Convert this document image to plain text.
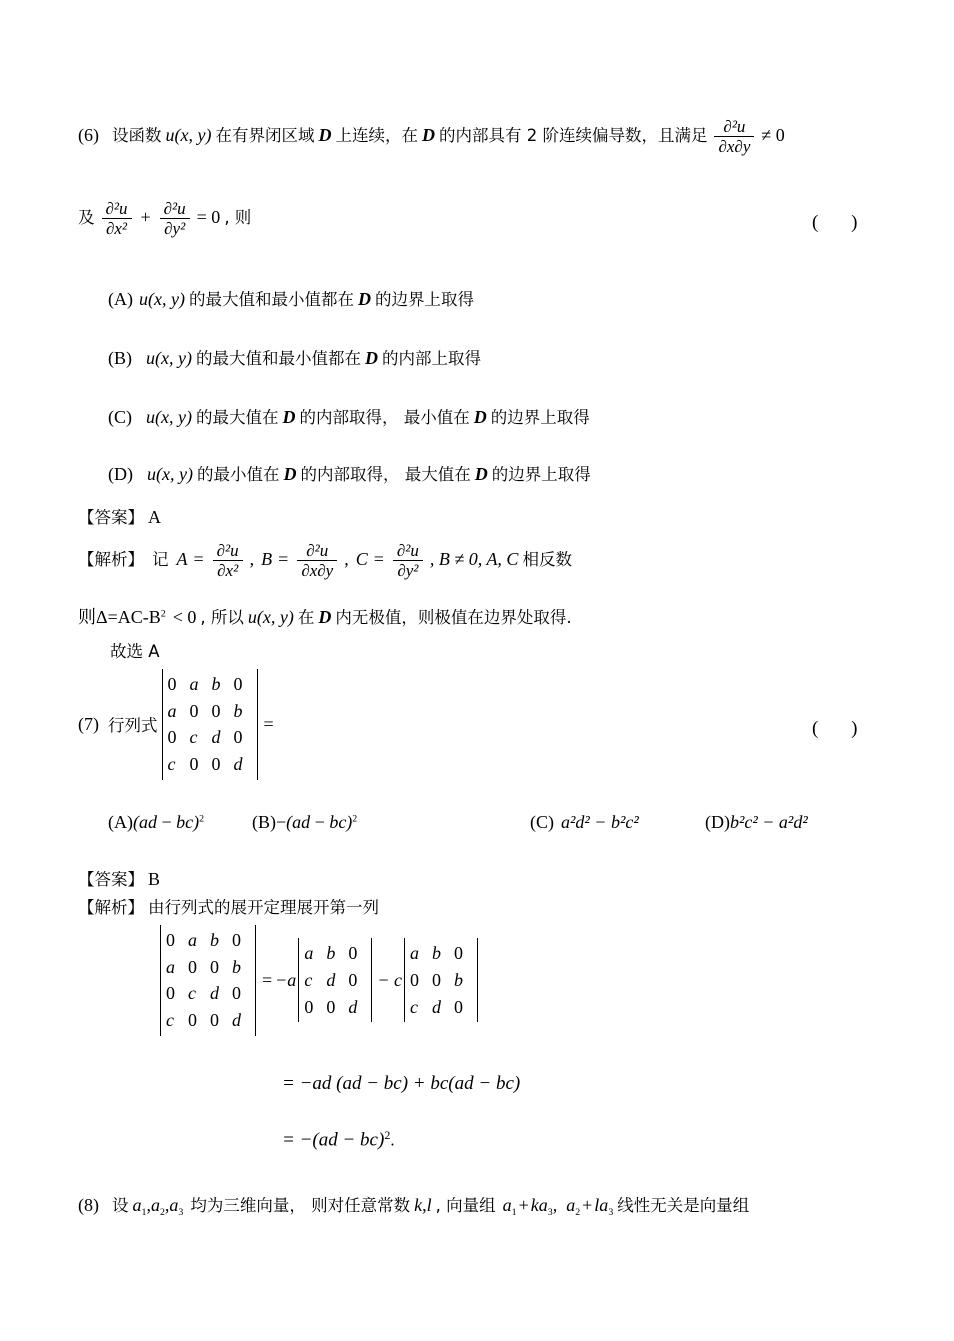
(6) 设函数 u(x, y) 在有界闭区域 D 上连续，在 D 的内部具有 2 阶连续偏导数，且满足 $\frac{\text{∂²u}}{\partial x\partial y} \ne 0$
及 $\frac{\text{∂²u}}{\text{∂x²}} + \frac{\text{∂²u}}{\text{∂y²}} = 0$ , 则	( )
(A) u(x, y) 的最大值和最小值都在 D 的边界上取得
(B) u(x, y) 的最大值和最小值都在 D 的内部上取得
(C) u(x, y) 的最大值在 D 的内部取得， 最小值在 D 的边界上取得
(D) u(x, y) 的最小值在 D 的内部取得， 最大值在 D 的边界上取得
【答案】 A
【解析】 记 $A = \frac{\text{∂²u}}{\text{∂x²}}$ , $B = \frac{\text{∂²u}}{\partial x\partial y}$ , $C = \frac{\text{∂²u}}{\text{∂y²}}$ , B ≠ 0, A, C 相反数
则$\Delta=AC-B^2 < 0$ , 所以 u(x, y) 在 D 内无极值，则极值在边界处取得.
故选 A
(7) 行列式
0	a	b	0
a	0	0	b
0	c	d	0
c	0	0	d
=	( )
(A)(ad − bc)$^2$	(B)−(ad − bc)$^2$	(C) a²d² − b²c²	(D)b²c² − a²d²
【答案】 B
【解析】 由行列式的展开定理展开第一列
0	a	b	0
a	0	0	b
0	c	d	0
c	0	0	d
= −a
a	b	0
c	d	0
0	0	d
− c
a	b	0
0	0	b
c	d	0
= −ad (ad − bc) + bc(ad − bc)
= −(ad − bc)$^2$.
(8) 设 $a_1,a_2,a_3$ 均为三维向量， 则对任意常数 k,l , 向量组 $a_1 + ka_3$, $a_2 + la_3$ 线性无关是向量组
